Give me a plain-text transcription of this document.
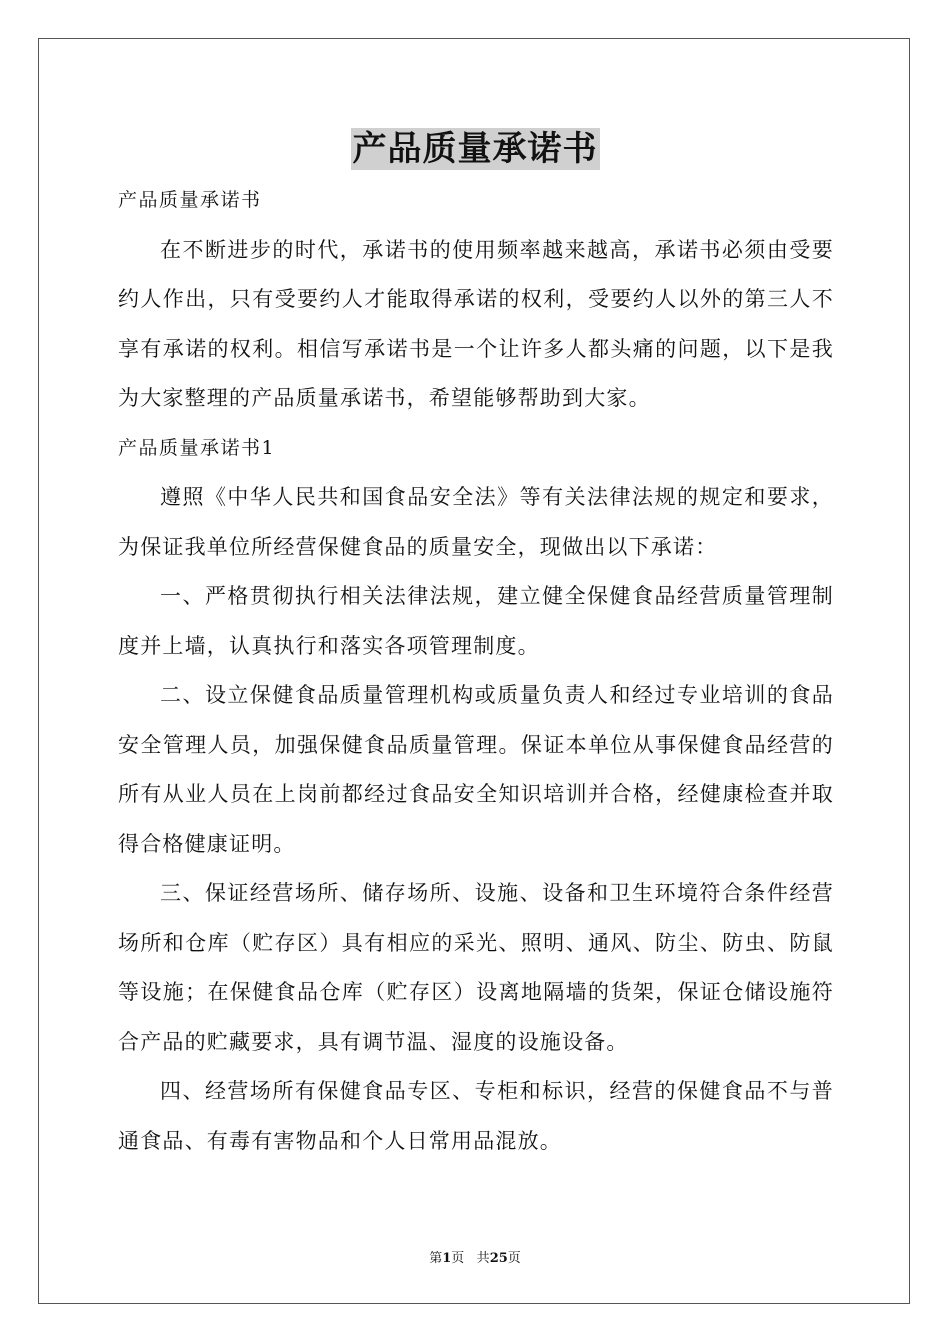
产品质量承诺书
产品质量承诺书

在不断进步的时代，承诺书的使用频率越来越高，承诺书必须由受要约人作出，只有受要约人才能取得承诺的权利，受要约人以外的第三人不享有承诺的权利。相信写承诺书是一个让许多人都头痛的问题，以下是我为大家整理的产品质量承诺书，希望能够帮助到大家。

产品质量承诺书1

遵照《中华人民共和国食品安全法》等有关法律法规的规定和要求，为保证我单位所经营保健食品的质量安全，现做出以下承诺：

一、严格贯彻执行相关法律法规，建立健全保健食品经营质量管理制度并上墙，认真执行和落实各项管理制度。

二、设立保健食品质量管理机构或质量负责人和经过专业培训的食品安全管理人员，加强保健食品质量管理。保证本单位从事保健食品经营的所有从业人员在上岗前都经过食品安全知识培训并合格，经健康检查并取得合格健康证明。

三、保证经营场所、储存场所、设施、设备和卫生环境符合条件经营场所和仓库（贮存区）具有相应的采光、照明、通风、防尘、防虫、防鼠等设施；在保健食品仓库（贮存区）设离地隔墙的货架，保证仓储设施符合产品的贮藏要求，具有调节温、湿度的设施设备。

四、经营场所有保健食品专区、专柜和标识，经营的保健食品不与普通食品、有毒有害物品和个人日常用品混放。

第1页 共25页
